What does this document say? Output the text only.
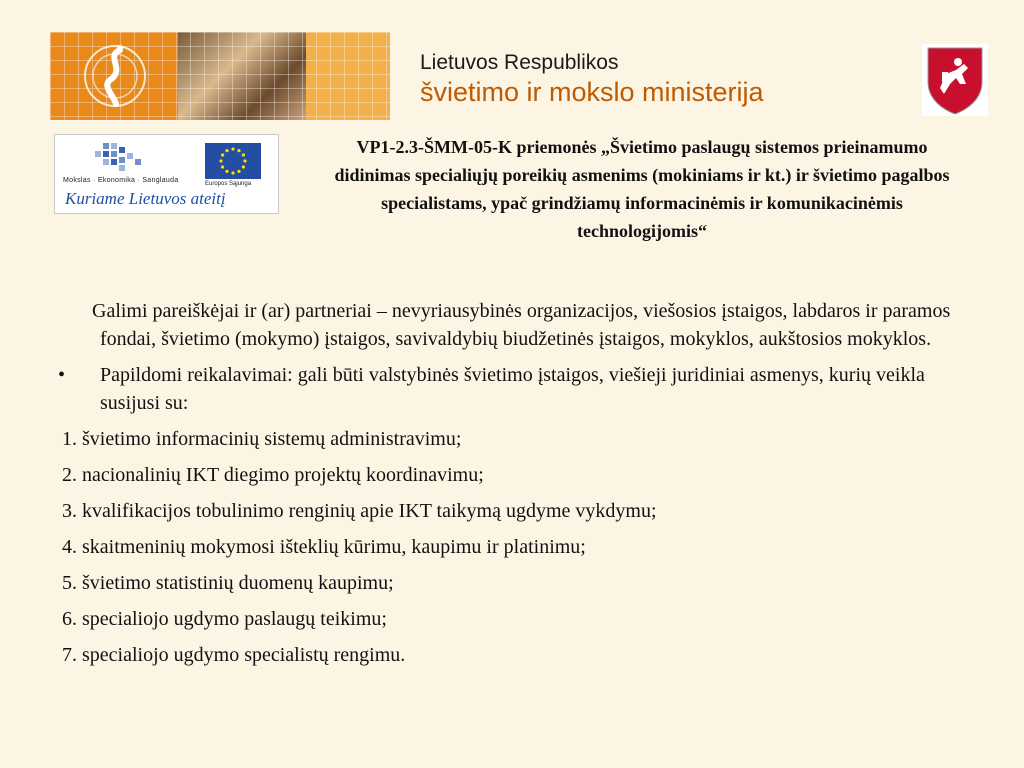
Lietuvos Respublikos
švietimo ir mokslo ministerija
Mokslas · Ekonomika · Sanglauda	Europos Sąjunga
Kuriame Lietuvos ateitį
VP1-2.3-ŠMM-05-K priemonės „Švietimo paslaugų sistemos prieinamumo didinimas specialiųjų poreikių asmenims (mokiniams ir kt.) ir švietimo pagalbos specialistams, ypač grindžiamų informacinėmis ir komunikacinėmis technologijomis“

Galimi pareiškėjai ir (ar) partneriai – nevyriausybinės organizacijos, viešosios įstaigos, labdaros ir paramos fondai, švietimo (mokymo) įstaigos, savivaldybių biudžetinės įstaigos, mokyklos, aukštosios mokyklos.

• Papildomi reikalavimai: gali būti valstybinės švietimo įstaigos, viešieji juridiniai asmenys, kurių veikla susijusi su:

1. švietimo informacinių sistemų administravimu;

2. nacionalinių IKT diegimo projektų koordinavimu;

3. kvalifikacijos tobulinimo renginių apie IKT taikymą ugdyme vykdymu;

4. skaitmeninių mokymosi išteklių kūrimu, kaupimu ir platinimu;

5. švietimo statistinių duomenų kaupimu;

6. specialiojo ugdymo paslaugų teikimu;

7. specialiojo ugdymo specialistų rengimu.
